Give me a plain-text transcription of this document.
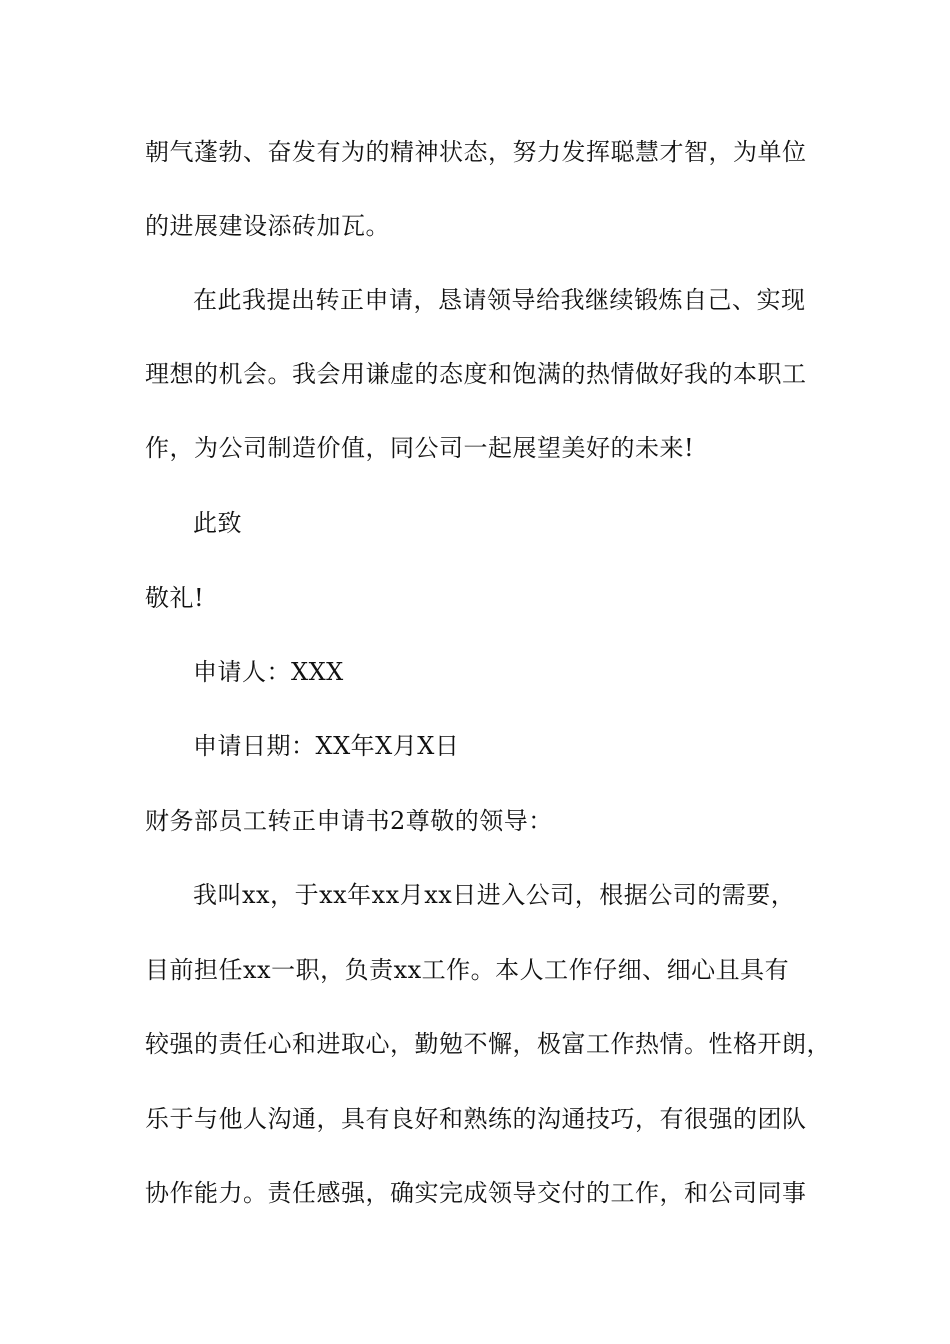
朝气蓬勃、奋发有为的精神状态，努力发挥聪慧才智，为单位
的进展建设添砖加瓦。
在此我提出转正申请，恳请领导给我继续锻炼自己、实现
理想的机会。我会用谦虚的态度和饱满的热情做好我的本职工
作，为公司制造价值，同公司一起展望美好的未来!
此致
敬礼!
申请人：XXX
申请日期：XX年X月X日
财务部员工转正申请书2尊敬的领导：
我叫xx，于xx年xx月xx日进入公司，根据公司的需要，
目前担任xx一职，负责xx工作。本人工作仔细、细心且具有
较强的责任心和进取心，勤勉不懈，极富工作热情。性格开朗，
乐于与他人沟通，具有良好和熟练的沟通技巧，有很强的团队
协作能力。责任感强，确实完成领导交付的工作，和公司同事
